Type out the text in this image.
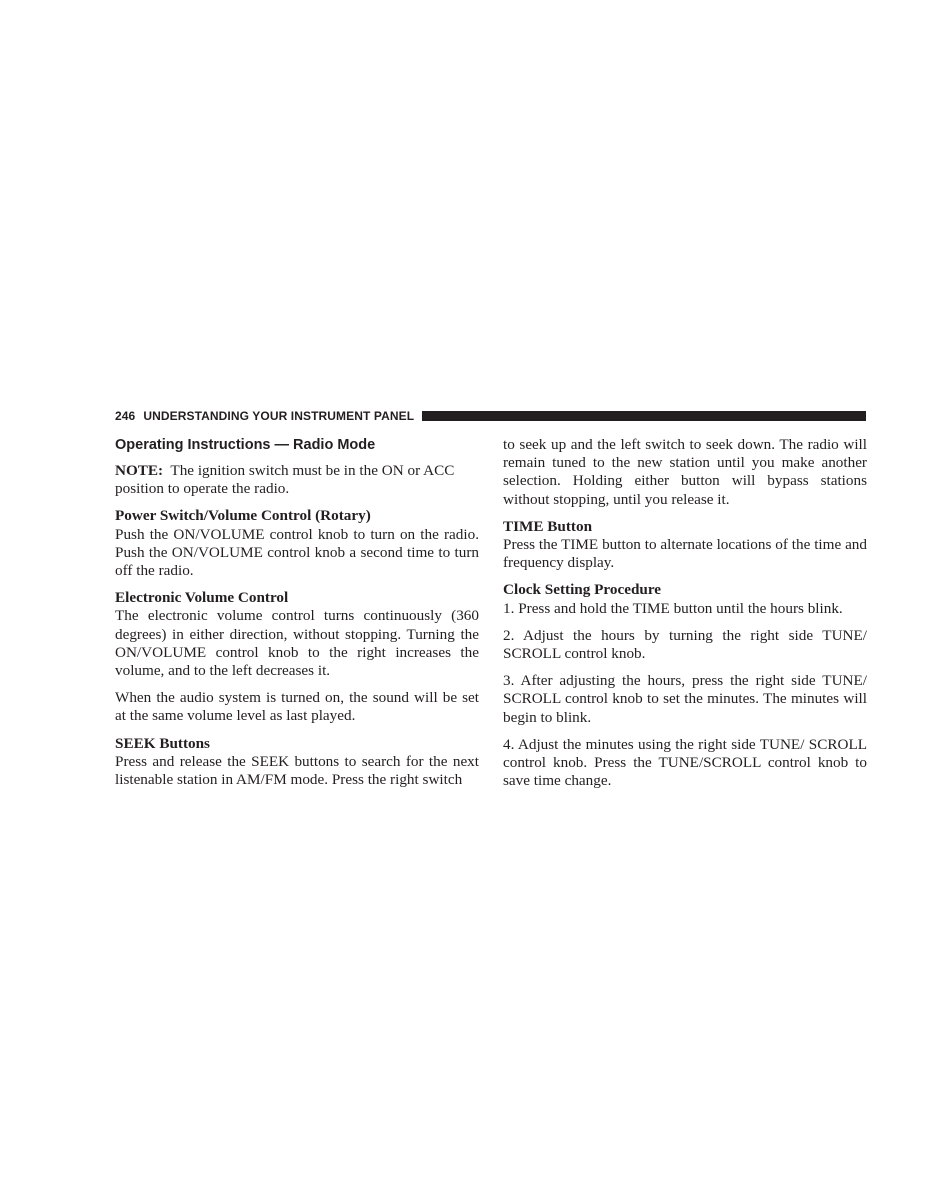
246 UNDERSTANDING YOUR INSTRUMENT PANEL
Operating Instructions — Radio Mode

NOTE:  The ignition switch must be in the ON or ACC position to operate the radio.

Power Switch/Volume Control (Rotary)
Push the ON/VOLUME control knob to turn on the radio. Push the ON/VOLUME control knob a second time to turn off the radio.

Electronic Volume Control
The electronic volume control turns continuously (360 degrees) in either direction, without stopping. Turning the ON/VOLUME control knob to the right increases the volume, and to the left decreases it.

When the audio system is turned on, the sound will be set at the same volume level as last played.

SEEK Buttons
Press and release the SEEK buttons to search for the next listenable station in AM/FM mode. Press the right switch

to seek up and the left switch to seek down. The radio will remain tuned to the new station until you make another selection. Holding either button will bypass stations without stopping, until you release it.

TIME Button
Press the TIME button to alternate locations of the time and frequency display.

Clock Setting Procedure
1. Press and hold the TIME button until the hours blink.

2. Adjust the hours by turning the right side TUNE/ SCROLL control knob.

3. After adjusting the hours, press the right side TUNE/ SCROLL control knob to set the minutes. The minutes will begin to blink.

4. Adjust the minutes using the right side TUNE/ SCROLL control knob. Press the TUNE/SCROLL control knob to save time change.
